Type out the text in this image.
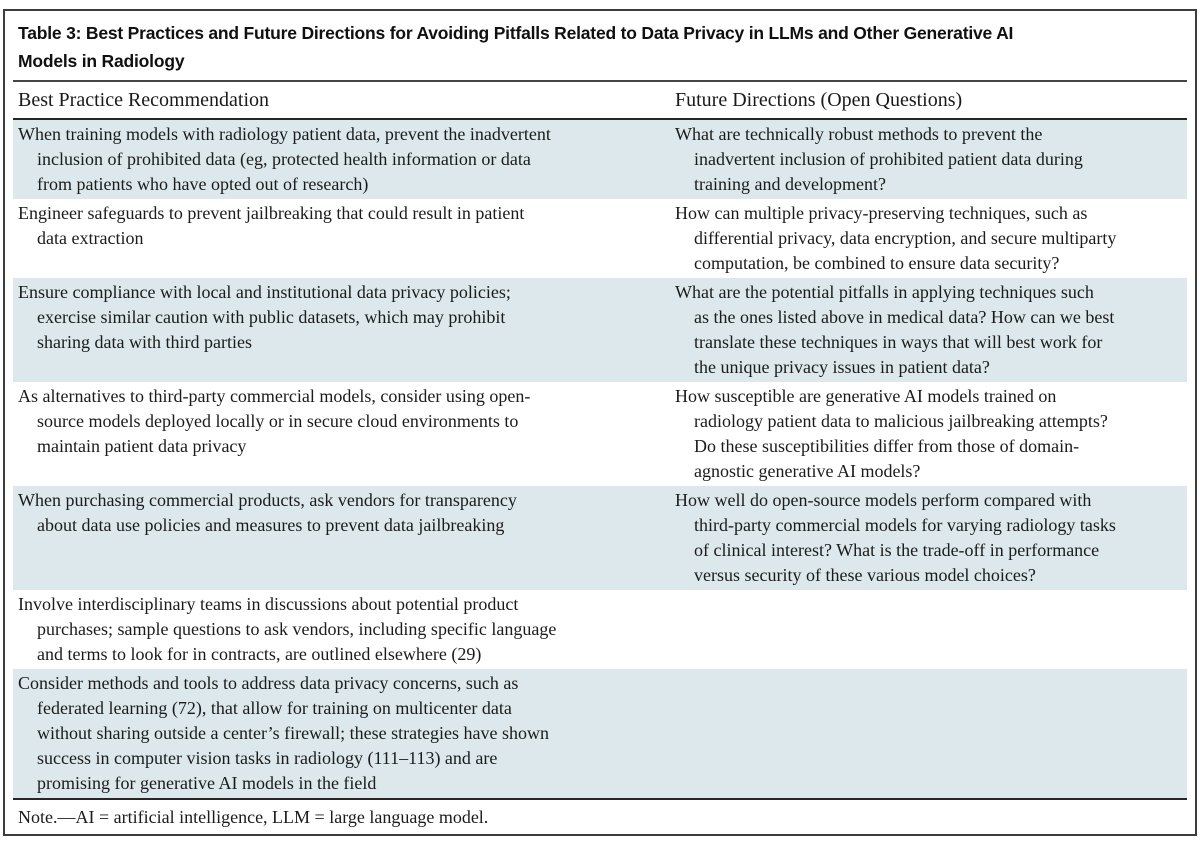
Table 3: Best Practices and Future Directions for Avoiding Pitfalls Related to Data Privacy in LLMs and Other Generative AI
Models in Radiology
Best Practice Recommendation	Future Directions (Open Questions)
When training models with radiology patient data, prevent the inadvertent
inclusion of prohibited data (eg, protected health information or data
from patients who have opted out of research)
What are technically robust methods to prevent the
inadvertent inclusion of prohibited patient data during
training and development?
Engineer safeguards to prevent jailbreaking that could result in patient
data extraction
How can multiple privacy-preserving techniques, such as
differential privacy, data encryption, and secure multiparty
computation, be combined to ensure data security?
Ensure compliance with local and institutional data privacy policies;
exercise similar caution with public datasets, which may prohibit
sharing data with third parties
What are the potential pitfalls in applying techniques such
as the ones listed above in medical data? How can we best
translate these techniques in ways that will best work for
the unique privacy issues in patient data?
As alternatives to third-party commercial models, consider using open-
source models deployed locally or in secure cloud environments to
maintain patient data privacy
How susceptible are generative AI models trained on
radiology patient data to malicious jailbreaking attempts?
Do these susceptibilities differ from those of domain-
agnostic generative AI models?
When purchasing commercial products, ask vendors for transparency
about data use policies and measures to prevent data jailbreaking
How well do open-source models perform compared with
third-party commercial models for varying radiology tasks
of clinical interest? What is the trade-off in performance
versus security of these various model choices?
Involve interdisciplinary teams in discussions about potential product
purchases; sample questions to ask vendors, including specific language
and terms to look for in contracts, are outlined elsewhere (29)
Consider methods and tools to address data privacy concerns, such as
federated learning (72), that allow for training on multicenter data
without sharing outside a center’s firewall; these strategies have shown
success in computer vision tasks in radiology (111–113) and are
promising for generative AI models in the field
Note.—AI = artificial intelligence, LLM = large language model.
